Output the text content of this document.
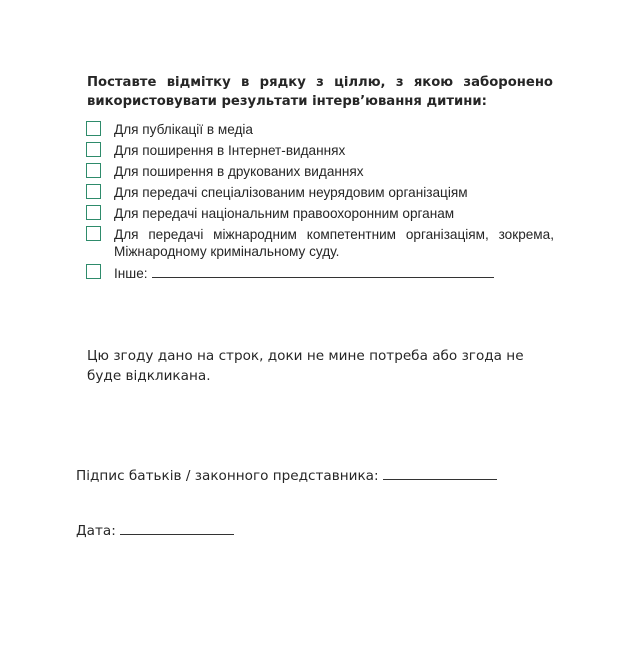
Поставте відмітку в рядку з ціллю, з якою заборонено використовувати результати інтерв’ювання дитини:
Для публікації в медіа
Для поширення в Інтернет-виданнях
Для поширення в друкованих виданнях
Для передачі спеціалізованим неурядовим організаціям
Для передачі національним правоохоронним органам
Для передачі міжнародним компетентним організаціям, зокрема, Міжнародному кримінальному суду.
Інше:
Цю згоду дано на строк, доки не мине потреба або згода не буде відкликана.
Підпис батьків / законного представника:
Дата:
